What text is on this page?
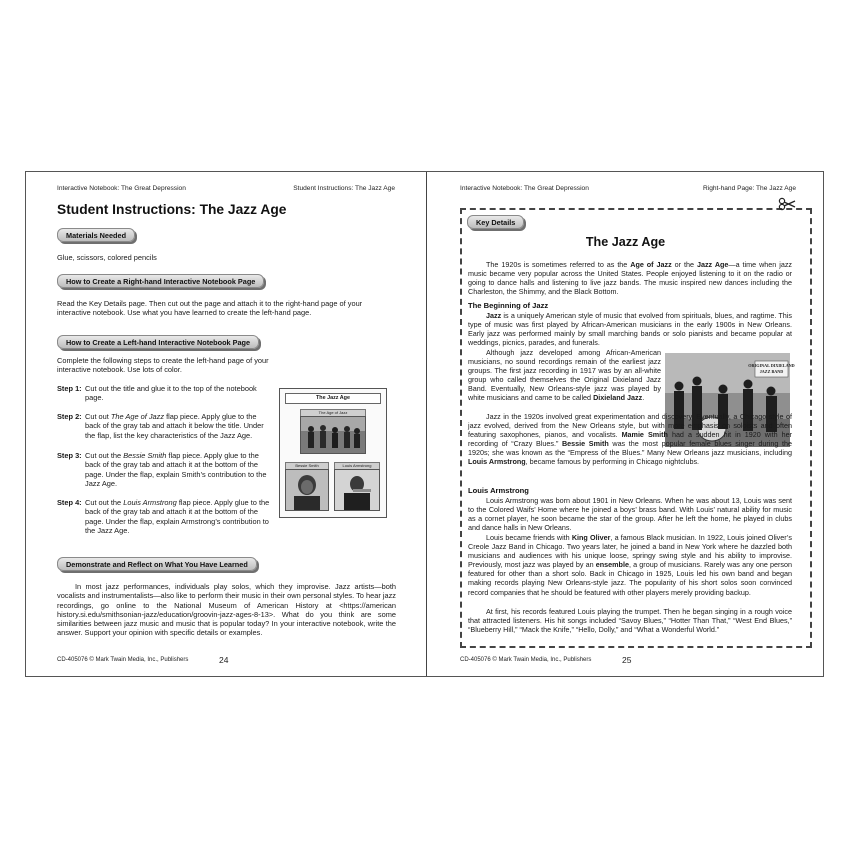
Interactive Notebook: The Great Depression	Student Instructions: The Jazz Age
Student Instructions: The Jazz Age
Materials Needed
Glue, scissors, colored pencils
How to Create a Right-hand Interactive Notebook Page
Read the Key Details page. Then cut out the page and attach it to the right-hand page of your interactive notebook. Use what you have learned to create the left-hand page.
How to Create a Left-hand Interactive Notebook Page
Complete the following steps to create the left-hand page of your interactive notebook. Use lots of color.
Step 1: Cut out the title and glue it to the top of the notebook page.
Step 2: Cut out The Age of Jazz flap piece. Apply glue to the back of the gray tab and attach it below the title. Under the flap, list the key characteristics of the Jazz Age.
Step 3: Cut out the Bessie Smith flap piece. Apply glue to the back of the gray tab and attach it at the bottom of the page. Under the flap, explain Smith’s contribution to the Jazz Age.
Step 4: Cut out the Louis Armstrong flap piece. Apply glue to the back of the gray tab and attach it at the bottom of the page. Under the flap, explain Armstrong’s contribution to the Jazz Age.
The Jazz Age
The Age of Jazz
Bessie Smith	Louis Armstrong
Demonstrate and Reflect on What You Have Learned
In most jazz performances, individuals play solos, which they improvise. Jazz artists—both vocalists and instrumentalists—also like to perform their music in their own personal styles. To hear jazz recordings, go online to the National Museum of American History at <https://american history.si.edu/smithsonian-jazz/education/groovin-jazz-ages-8-13>. What do you think are some similarities between jazz music and music that is popular today? In your interactive notebook, write the answer. Support your opinion with specific details or examples.
CD-405076 © Mark Twain Media, Inc., Publishers	24
Interactive Notebook: The Great Depression	Right-hand Page: The Jazz Age
Key Details
The Jazz Age
The 1920s is sometimes referred to as the Age of Jazz or the Jazz Age—a time when jazz music became very popular across the United States. People enjoyed listening to it on the radio or going to dance halls and listening to live jazz bands. The music inspired new dances including the Charleston, the Shimmy, and the Black Bottom.
The Beginning of Jazz
Jazz is a uniquely American style of music that evolved from spirituals, blues, and ragtime. This type of music was first played by African-American musicians in the early 1900s in New Orleans. Early jazz was performed mainly by small marching bands or solo pianists and became popular at weddings, picnics, parades, and funerals.
Although jazz developed among African-American musicians, no sound recordings remain of the earliest jazz groups. The first jazz recording in 1917 was by an all-white group who called themselves the Original Dixieland Jazz Band. Eventually, New Orleans-style jazz was played by white musicians and came to be called Dixieland Jazz.
ORIGINAL DIXIELAND
JAZZ BAND
Jazz in the 1920s involved great experimentation and discovery. Eventually, a Chicago style of jazz evolved, derived from the New Orleans style, but with more emphasis on soloists and often featuring saxophones, pianos, and vocalists. Mamie Smith had a sudden hit in 1920 with her recording of “Crazy Blues.” Bessie Smith was the most popular female blues singer during the 1920s; she was known as the “Empress of the Blues.” Many New Orleans jazz musicians, including Louis Armstrong, became famous by performing in Chicago nightclubs.
Louis Armstrong
Louis Armstrong was born about 1901 in New Orleans. When he was about 13, Louis was sent to the Colored Waifs’ Home where he joined a boys’ brass band. With Louis’ natural ability for music as a cornet player, he soon became the star of the group. After he left the home, he played in clubs and dance halls in New Orleans.
Louis became friends with King Oliver, a famous Black musician. In 1922, Louis joined Oliver’s Creole Jazz Band in Chicago. Two years later, he joined a band in New York where he dazzled both musicians and audiences with his unique loose, springy swing style and his ability to improvise. Previously, most jazz was played by an ensemble, a group of musicians. Rarely was any one person featured for other than a short solo. Back in Chicago in 1925, Louis led his own band and began making records playing New Orleans-style jazz. The popularity of his short solos soon convinced record companies that he should be featured with other players merely providing backup.
At first, his records featured Louis playing the trumpet. Then he began singing in a rough voice that attracted listeners. His hit songs included “Savoy Blues,” “Hotter Than That,” “West End Blues,” “Blueberry Hill,” “Mack the Knife,” “Hello, Dolly,” and “What a Wonderful World.”
CD-405076 © Mark Twain Media, Inc., Publishers	25
